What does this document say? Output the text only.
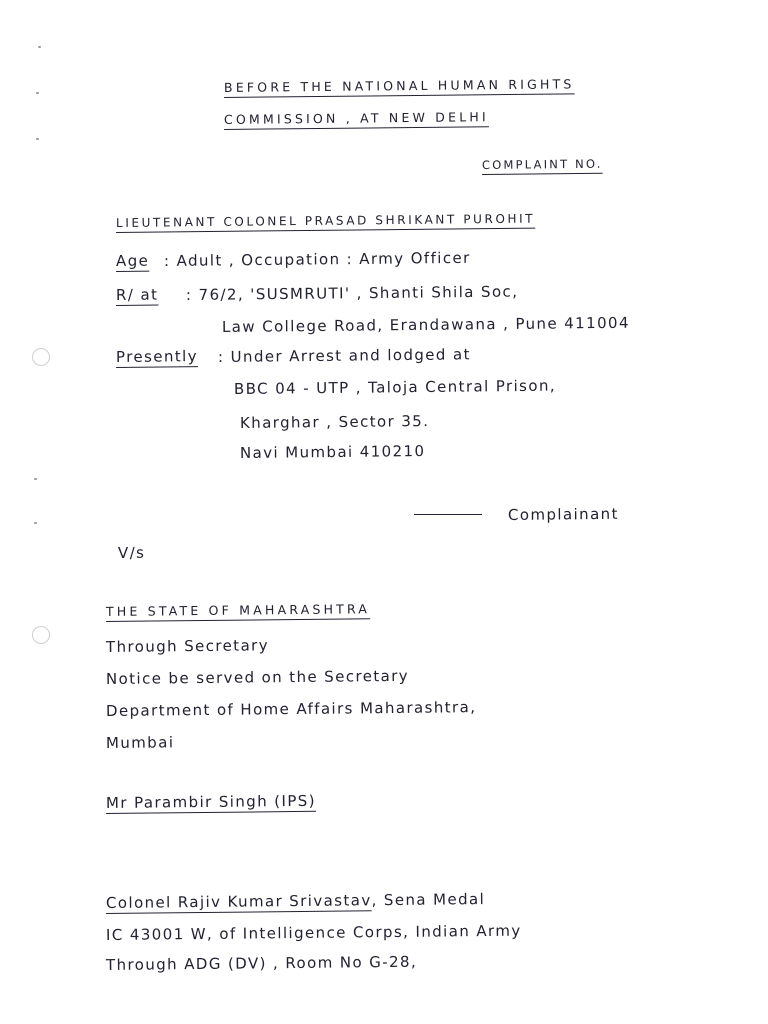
BEFORE THE NATIONAL HUMAN RIGHTS
COMMISSION , AT NEW DELHI
COMPLAINT NO.
LIEUTENANT COLONEL PRASAD SHRIKANT PUROHIT
Age : Adult , Occupation : Army Officer
R/ at : 76/2, 'SUSMRUTI' , Shanti Shila Soc,
Law College Road, Erandawana , Pune 411004
Presently : Under Arrest and lodged at
BBC 04 - UTP , Taloja Central Prison,
Kharghar , Sector 35.
Navi Mumbai 410210
Complainant
V/s
THE STATE OF MAHARASHTRA
Through Secretary
Notice be served on the Secretary
Department of Home Affairs Maharashtra,
Mumbai
Mr Parambir Singh (IPS)
Colonel Rajiv Kumar Srivastav, Sena Medal
IC 43001 W, of Intelligence Corps, Indian Army
Through ADG (DV) , Room No G-28,
